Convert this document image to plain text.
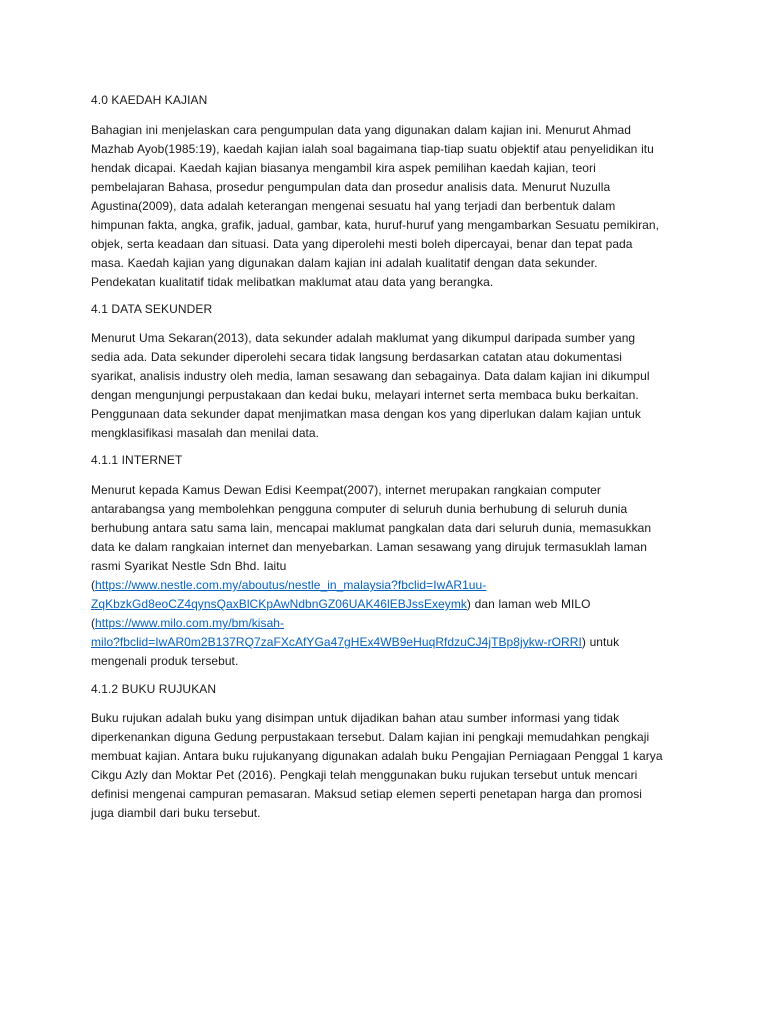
4.0 KAEDAH KAJIAN

Bahagian ini menjelaskan cara pengumpulan data yang digunakan dalam kajian ini. Menurut Ahmad
Mazhab Ayob(1985:19), kaedah kajian ialah soal bagaimana tiap-tiap suatu objektif atau penyelidikan itu
hendak dicapai. Kaedah kajian biasanya mengambil kira aspek pemilihan kaedah kajian, teori
pembelajaran Bahasa, prosedur pengumpulan data dan prosedur analisis data. Menurut Nuzulla
Agustina(2009), data adalah keterangan mengenai sesuatu hal yang terjadi dan berbentuk dalam
himpunan fakta, angka, grafik, jadual, gambar, kata, huruf-huruf yang mengambarkan Sesuatu pemikiran,
objek, serta keadaan dan situasi. Data yang diperolehi mesti boleh dipercayai, benar dan tepat pada
masa. Kaedah kajian yang digunakan dalam kajian ini adalah kualitatif dengan data sekunder.
Pendekatan kualitatif tidak melibatkan maklumat atau data yang berangka.

4.1 DATA SEKUNDER

Menurut Uma Sekaran(2013), data sekunder adalah maklumat yang dikumpul daripada sumber yang
sedia ada. Data sekunder diperolehi secara tidak langsung berdasarkan catatan atau dokumentasi
syarikat, analisis industry oleh media, laman sesawang dan sebagainya. Data dalam kajian ini dikumpul
dengan mengunjungi perpustakaan dan kedai buku, melayari internet serta membaca buku berkaitan.
Penggunaan data sekunder dapat menjimatkan masa dengan kos yang diperlukan dalam kajian untuk
mengklasifikasi masalah dan menilai data.

4.1.1 INTERNET

Menurut kepada Kamus Dewan Edisi Keempat(2007), internet merupakan rangkaian computer
antarabangsa yang membolehkan pengguna computer di seluruh dunia berhubung di seluruh dunia
berhubung antara satu sama lain, mencapai maklumat pangkalan data dari seluruh dunia, memasukkan
data ke dalam rangkaian internet dan menyebarkan. Laman sesawang yang dirujuk termasuklah laman
rasmi Syarikat Nestle Sdn Bhd. Iaitu
(https://www.nestle.com.my/aboutus/nestle_in_malaysia?fbclid=IwAR1uu-
ZqKbzkGd8eoCZ4qynsQaxBlCKpAwNdbnGZ06UAK46lEBJssExeymk) dan laman web MILO
(https://www.milo.com.my/bm/kisah-
milo?fbclid=IwAR0m2B137RQ7zaFXcAfYGa47gHEx4WB9eHuqRfdzuCJ4jTBp8jykw-rORRI) untuk
mengenali produk tersebut.

4.1.2 BUKU RUJUKAN

Buku rujukan adalah buku yang disimpan untuk dijadikan bahan atau sumber informasi yang tidak
diperkenankan diguna Gedung perpustakaan tersebut. Dalam kajian ini pengkaji memudahkan pengkaji
membuat kajian. Antara buku rujukanyang digunakan adalah buku Pengajian Perniagaan Penggal 1 karya
Cikgu Azly dan Moktar Pet (2016). Pengkaji telah menggunakan buku rujukan tersebut untuk mencari
definisi mengenai campuran pemasaran. Maksud setiap elemen seperti penetapan harga dan promosi
juga diambil dari buku tersebut.
